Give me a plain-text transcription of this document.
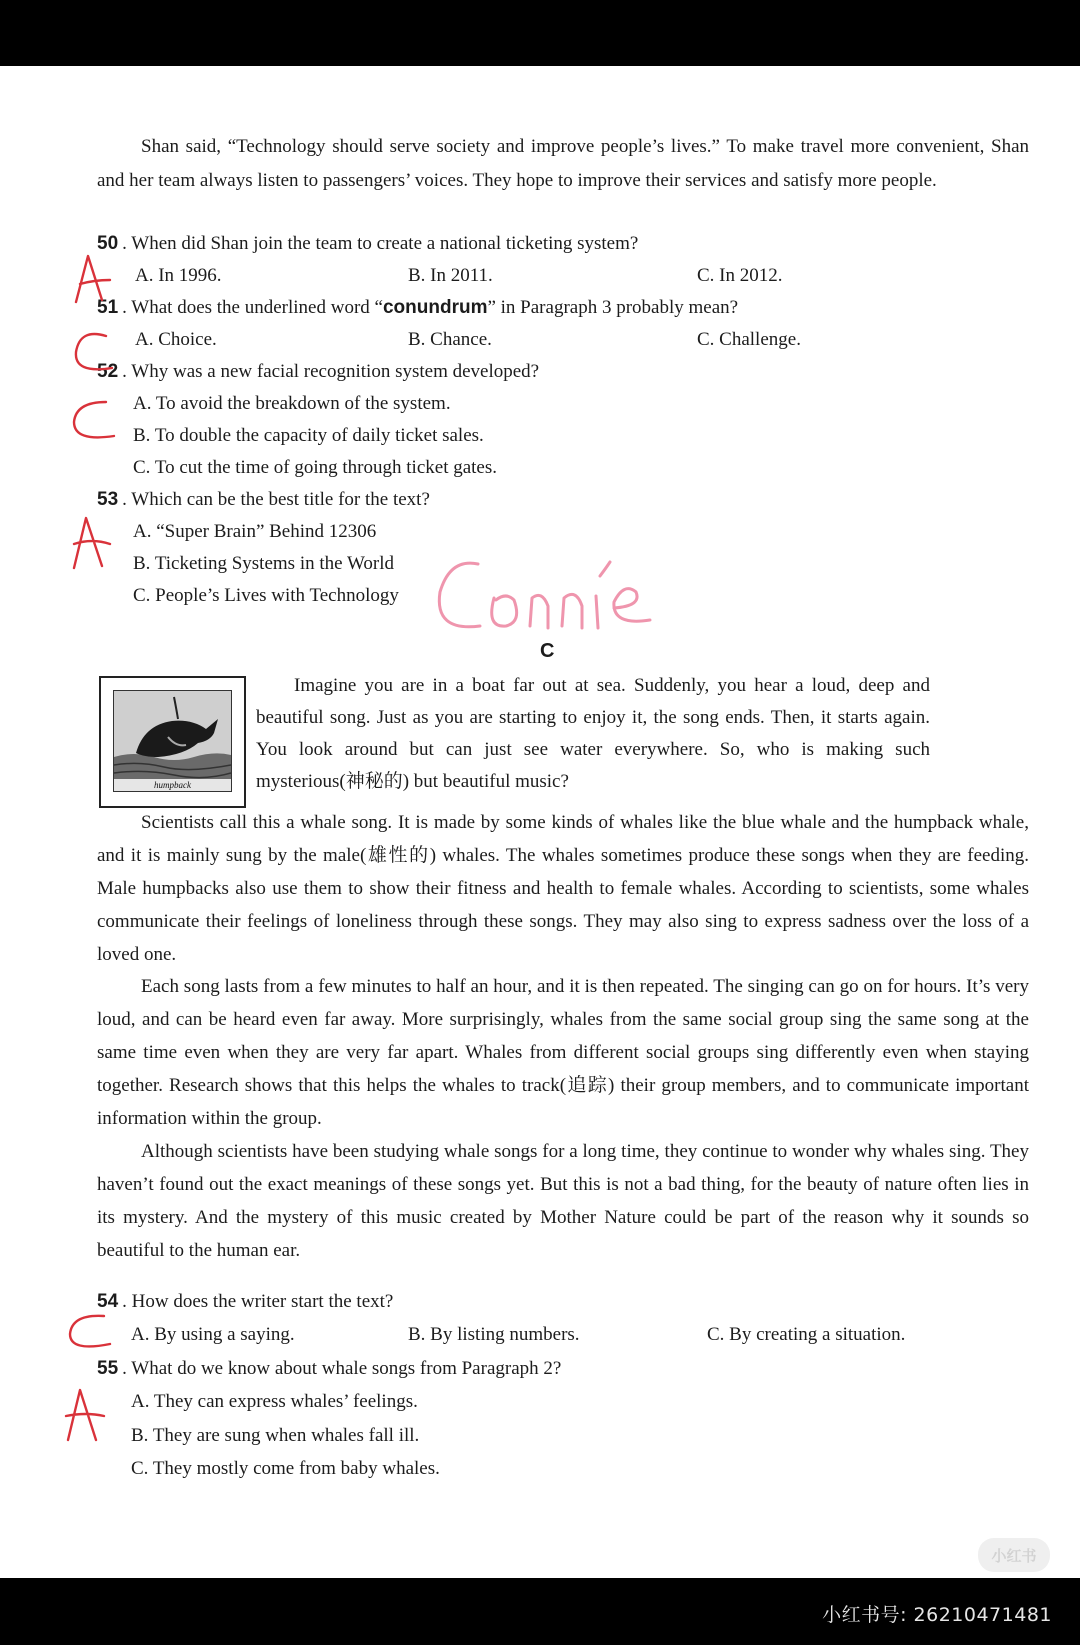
Shan said, “Technology should serve society and improve people’s lives.” To make travel more convenient, Shan and her team always listen to passengers’ voices. They hope to improve their services and satisfy more people.
50 . When did Shan join the team to create a national ticketing system?
A. In 1996.	B. In 2011.	C. In 2012.
51 . What does the underlined word “conundrum” in Paragraph 3 probably mean?
A. Choice.	B. Chance.	C. Challenge.
52 . Why was a new facial recognition system developed?
A. To avoid the breakdown of the system.
B. To double the capacity of daily ticket sales.
C. To cut the time of going through ticket gates.
53 . Which can be the best title for the text?
A. “Super Brain” Behind 12306
B. Ticketing Systems in the World
C. People’s Lives with Technology
C
humpback
Imagine you are in a boat far out at sea. Suddenly, you hear a loud, deep and beautiful song. Just as you are starting to enjoy it, the song ends. Then, it starts again. You look around but can just see water everywhere. So, who is making such mysterious(神秘的) but beautiful music?
Scientists call this a whale song. It is made by some kinds of whales like the blue whale and the humpback whale, and it is mainly sung by the male(雄性的) whales. The whales sometimes produce these songs when they are feeding. Male humpbacks also use them to show their fitness and health to female whales. According to scientists, some whales communicate their feelings of loneliness through these songs. They may also sing to express sadness over the loss of a loved one.
Each song lasts from a few minutes to half an hour, and it is then repeated. The singing can go on for hours. It’s very loud, and can be heard even far away. More surprisingly, whales from the same social group sing the same song at the same time even when they are very far apart. Whales from different social groups sing differently even when staying together. Research shows that this helps the whales to track(追踪) their group members, and to communicate important information within the group.
Although scientists have been studying whale songs for a long time, they continue to wonder why whales sing. They haven’t found out the exact meanings of these songs yet. But this is not a bad thing, for the beauty of nature often lies in its mystery. And the mystery of this music created by Mother Nature could be part of the reason why it sounds so beautiful to the human ear.
54 . How does the writer start the text?
A. By using a saying.	B. By listing numbers.	C. By creating a situation.
55 . What do we know about whale songs from Paragraph 2?
A. They can express whales’ feelings.
B. They are sung when whales fall ill.
C. They mostly come from baby whales.
小红书
小红书号: 26210471481
